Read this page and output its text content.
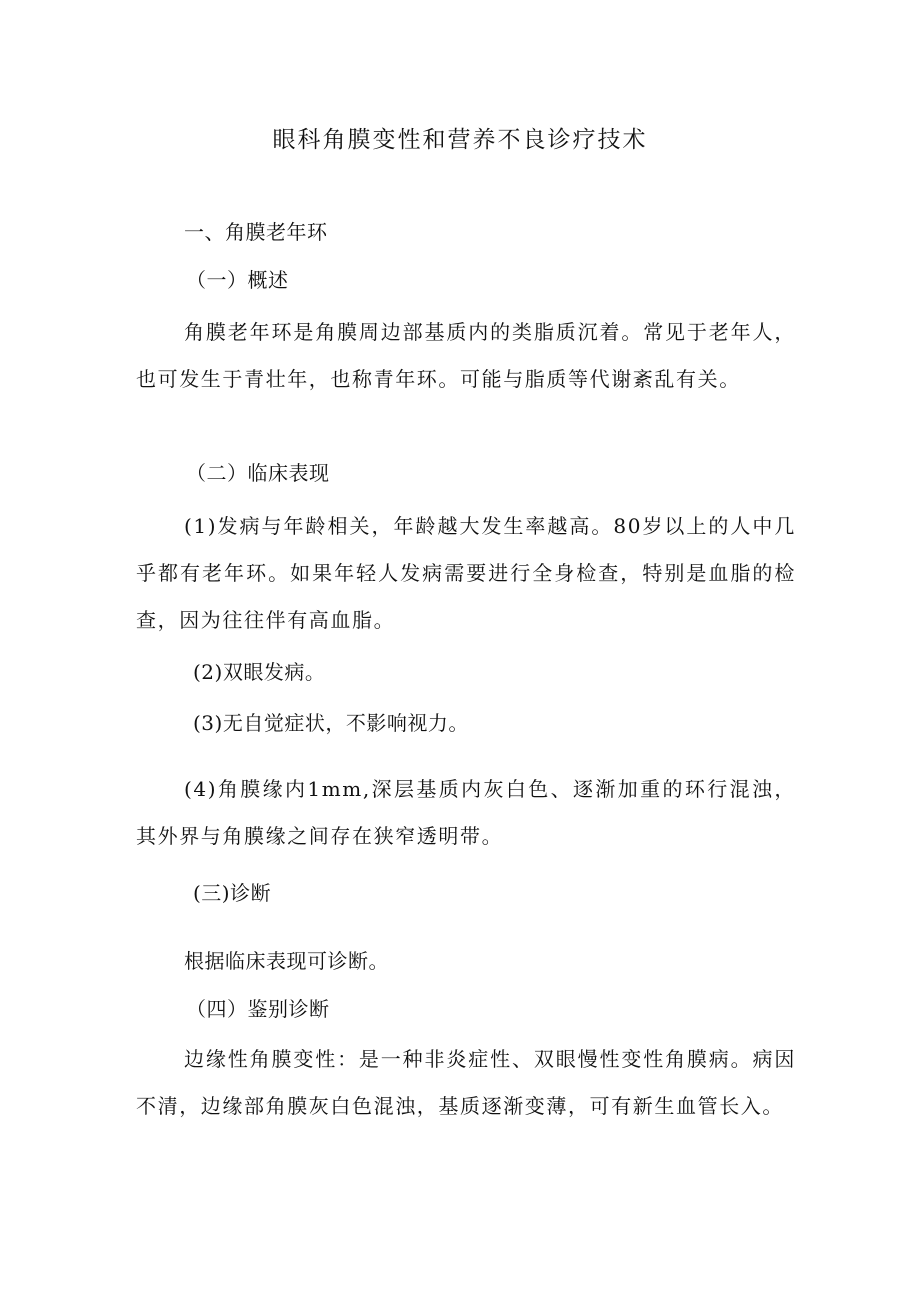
眼科角膜变性和营养不良诊疗技术
一、角膜老年环
（一）概述

角膜老年环是角膜周边部基质内的类脂质沉着。常见于老年人，也可发生于青壮年，也称青年环。可能与脂质等代谢紊乱有关。

（二）临床表现

(1)发病与年龄相关，年龄越大发生率越高。80岁以上的人中几乎都有老年环。如果年轻人发病需要进行全身检查，特别是血脂的检查，因为往往伴有高血脂。

(2)双眼发病。
(3)无自觉症状，不影响视力。

(4)角膜缘内1mm,深层基质内灰白色、逐渐加重的环行混浊，其外界与角膜缘之间存在狭窄透明带。

(三)诊断
根据临床表现可诊断。
（四）鉴别诊断

边缘性角膜变性：是一种非炎症性、双眼慢性变性角膜病。病因不清，边缘部角膜灰白色混浊，基质逐渐变薄，可有新生血管长入。
